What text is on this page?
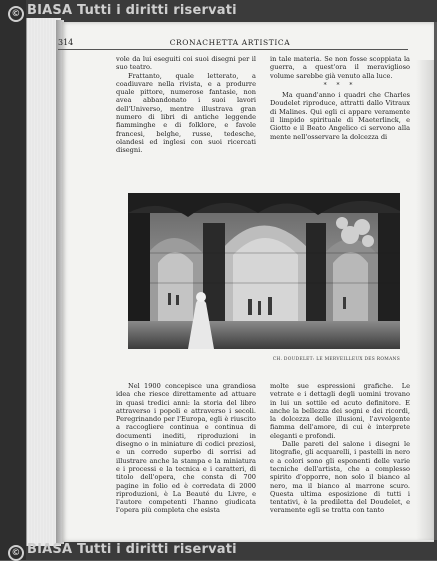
© BIASA Tutti i diritti riservati
314	CRONACHETTA ARTISTICA

vole da lui eseguiti coi suoi disegni per il suo teatro.

Frattanto, quale letterato, a coadiuvare nella rivista, e a produrre quale pittore, numerose fantasie, non avea abbandonato i suoi lavori dell'Universo, mentre illustrava gran numero di libri di antiche leggende fiamminghe e di folklore, e favole francesi, belghe, russe, tedesche, olandesi ed inglesi con suoi ricercati disegni.

in tale materia. Se non fosse scoppiata la guerra, a quest'ora il meraviglioso volume sarebbe già venuto alla luce.

* * *

Ma quand'anno i quadri che Charles Doudelet riproduce, attratti dallo Vitraux di Malines. Qui egli ci appare veramente il limpido spirituale di Maeterlinck, e Giotto e il Beato Angelico ci servono alla mente nell'osservare la dolcezza di

CH. DOUDELET: LE MERVEILLEUX DES ROMANS

Nel 1900 concepisce una grandiosa idea che riesce direttamente ad attuare in quasi tredici anni: la storia del libro attraverso i popoli e attraverso i secoli. Peregrinando per l'Europa, egli è riuscito a raccogliere continua e continua di documenti inediti, riproduzioni in disegno o in miniature di codici preziosi, e un corredo superbo di sorrisi ad illustrare anche la stampa e la miniatura e i processi e la tecnica e i caratteri, di titolo dell'opera, che consta di 700 pagine in folio ed è corredata di 2000 riproduzioni, è La Beauté du Livre, e l'autore competenti l'hanno giudicata l'opera più completa che esista

molte sue espressioni grafiche. Le vetrate e i dettagli degli uomini trovano in lui un sottile ed acuto definitore. E anche la bellezza dei sogni e dei ricordi, la dolcezza delle illusioni, l'avvolgente fiamma dell'amore, di cui è interprete eleganti e profondi.

Dalle pareti del salone i disegni le litografie, gli acquarelli, i pastelli in nero e a colori sono gli esponenti delle varie tecniche dell'artista, che a complesso spirito d'opporre, non solo il bianco al nero, ma il bianco al marrone scuro. Questa ultima esposizione di tutti i tentativi, è la prediletta del Doudelet, e veramente egli se tratta con tanto

© BIASA Tutti i diritti riservati
